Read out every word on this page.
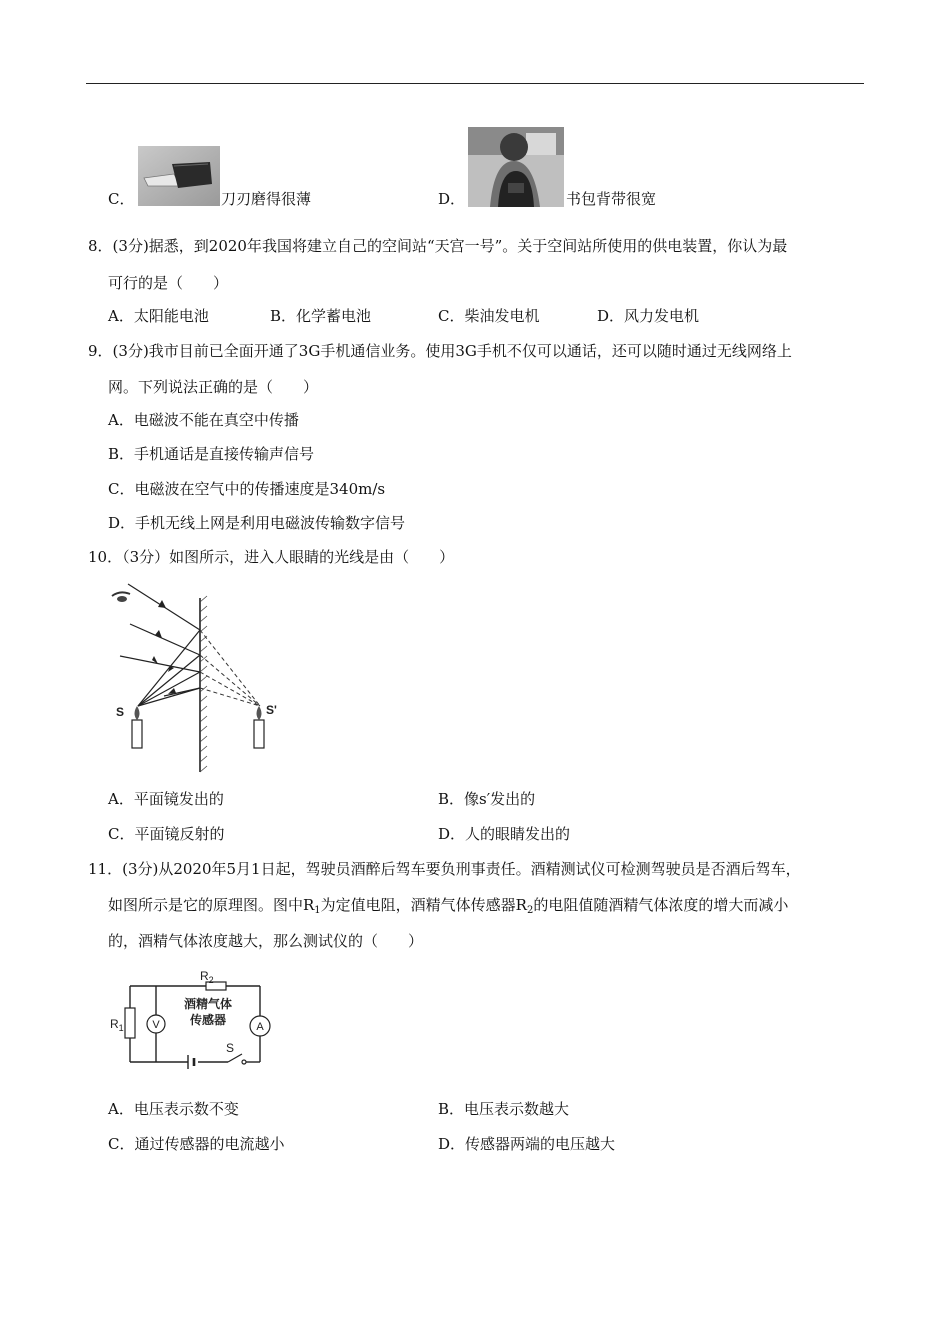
C．	刀刃磨得很薄	D．	书包背带很宽
8．(3分)据悉，到2020年我国将建立自己的空间站“天宫一号”。关于空间站所使用的供电装置，你认为最
可行的是（　　）
A．太阳能电池	B．化学蓄电池	C．柴油发电机	D．风力发电机
9．(3分)我市目前已全面开通了3G手机通信业务。使用3G手机不仅可以通话，还可以随时通过无线网络上
网。下列说法正确的是（　　）
A．电磁波不能在真空中传播
B．手机通话是直接传输声信号
C．电磁波在空气中的传播速度是340m/s
D．手机无线上网是利用电磁波传输数字信号
10．（3分）如图所示，进入人眼睛的光线是由（　　）
S	S'
A．平面镜发出的	B．像s′发出的
C．平面镜反射的	D．人的眼睛发出的
11．(3分)从2020年5月1日起，驾驶员酒醉后驾车要负刑事责任。酒精测试仪可检测驾驶员是否酒后驾车，
如图所示是它的原理图。图中$R_1$为定值电阻，酒精气体传感器$R_2$的电阻值随酒精气体浓度的增大而减小
的，酒精气体浓度越大，那么测试仪的（　　）
V	A
$R_2$
$R_1$
酒精气体
传感器
S
A．电压表示数不变	B．电压表示数越大
C．通过传感器的电流越小	D．传感器两端的电压越大
